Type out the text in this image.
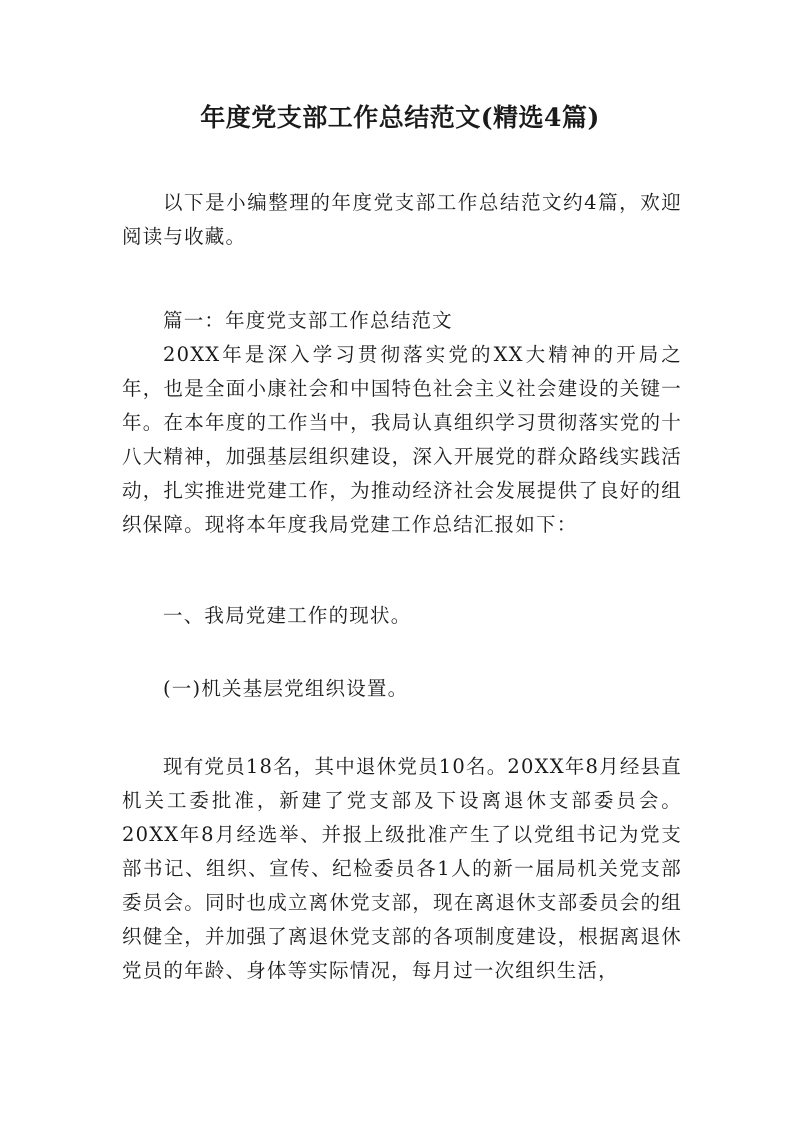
年度党支部工作总结范文(精选4篇)

以下是小编整理的年度党支部工作总结范文约4篇，欢迎阅读与收藏。

篇一：年度党支部工作总结范文

20XX年是深入学习贯彻落实党的XX大精神的开局之年，也是全面小康社会和中国特色社会主义社会建设的关键一年。在本年度的工作当中，我局认真组织学习贯彻落实党的十八大精神，加强基层组织建设，深入开展党的群众路线实践活动，扎实推进党建工作，为推动经济社会发展提供了良好的组织保障。现将本年度我局党建工作总结汇报如下：

一、我局党建工作的现状。

(一)机关基层党组织设置。

现有党员18名，其中退休党员10名。20XX年8月经县直机关工委批准，新建了党支部及下设离退休支部委员会。20XX年8月经选举、并报上级批准产生了以党组书记为党支部书记、组织、宣传、纪检委员各1人的新一届局机关党支部委员会。同时也成立离休党支部，现在离退休支部委员会的组织健全，并加强了离退休党支部的各项制度建设，根据离退休党员的年龄、身体等实际情况，每月过一次组织生活，
